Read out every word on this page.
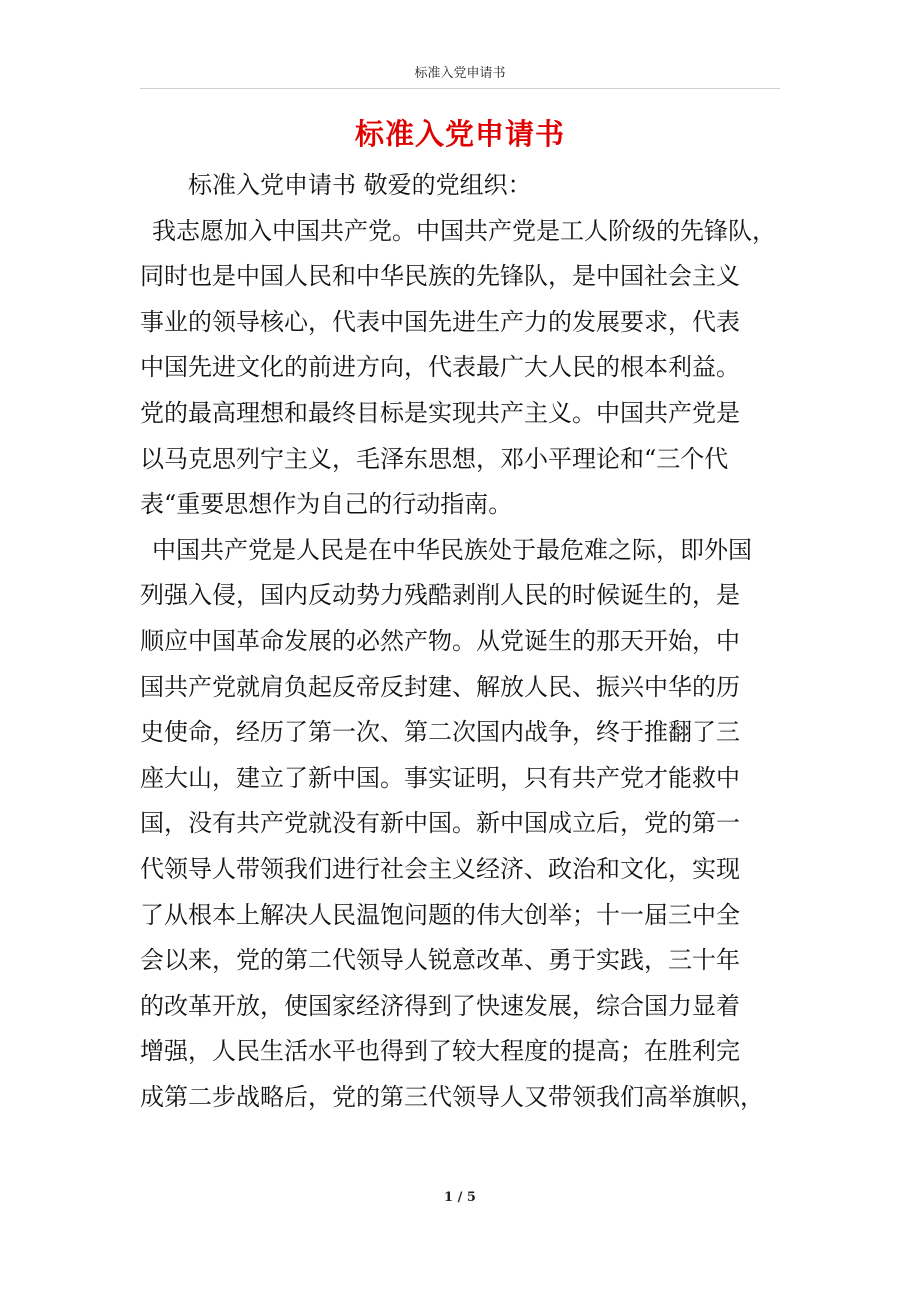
标准入党申请书
标准入党申请书
标准入党申请书 敬爱的党组织：
我志愿加入中国共产党。中国共产党是工人阶级的先锋队，
同时也是中国人民和中华民族的先锋队，是中国社会主义
事业的领导核心，代表中国先进生产力的发展要求，代表
中国先进文化的前进方向，代表最广大人民的根本利益。
党的最高理想和最终目标是实现共产主义。中国共产党是
以马克思列宁主义，毛泽东思想，邓小平理论和“三个代
表“重要思想作为自己的行动指南。
中国共产党是人民是在中华民族处于最危难之际，即外国
列强入侵，国内反动势力残酷剥削人民的时候诞生的，是
顺应中国革命发展的必然产物。从党诞生的那天开始，中
国共产党就肩负起反帝反封建、解放人民、振兴中华的历
史使命，经历了第一次、第二次国内战争，终于推翻了三
座大山，建立了新中国。事实证明，只有共产党才能救中
国，没有共产党就没有新中国。新中国成立后，党的第一
代领导人带领我们进行社会主义经济、政治和文化，实现
了从根本上解决人民温饱问题的伟大创举；十一届三中全
会以来，党的第二代领导人锐意改革、勇于实践，三十年
的改革开放，使国家经济得到了快速发展，综合国力显着
增强，人民生活水平也得到了较大程度的提高；在胜利完
成第二步战略后，党的第三代领导人又带领我们高举旗帜，
1 / 5
